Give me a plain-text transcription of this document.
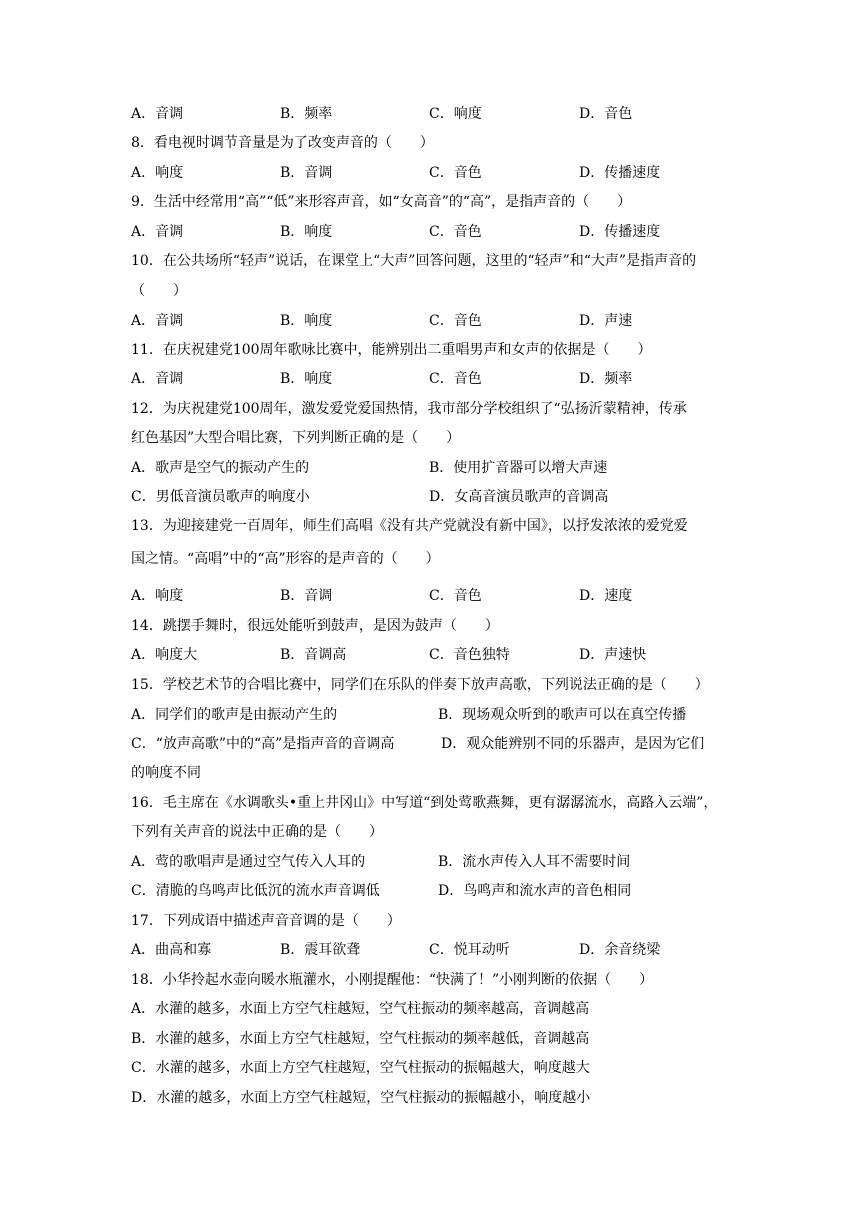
A．音调	B．频率	C．响度	D．音色
8．看电视时调节音量是为了改变声音的（　　）
A．响度	B．音调	C．音色	D．传播速度
9．生活中经常用“高”“低”来形容声音，如“女高音”的“高”，是指声音的（　　）
A．音调	B．响度	C．音色	D．传播速度
10．在公共场所“轻声”说话，在课堂上“大声”回答问题，这里的“轻声”和“大声”是指声音的
（　　）
A．音调	B．响度	C．音色	D．声速
11．在庆祝建党100周年歌咏比赛中，能辨别出二重唱男声和女声的依据是（　　）
A．音调	B．响度	C．音色	D．频率
12．为庆祝建党100周年，激发爱党爱国热情，我市部分学校组织了“弘扬沂蒙精神，传承
红色基因”大型合唱比赛，下列判断正确的是（　　）
A．歌声是空气的振动产生的	B．使用扩音器可以增大声速
C．男低音演员歌声的响度小	D．女高音演员歌声的音调高
13．为迎接建党一百周年，师生们高唱《没有共产党就没有新中国》，以抒发浓浓的爱党爱
国之情。“高唱”中的“高”形容的是声音的（　　）
A．响度	B．音调	C．音色	D．速度
14．跳摆手舞时，很远处能听到鼓声，是因为鼓声（　　）
A．响度大	B．音调高	C．音色独特	D．声速快
15．学校艺术节的合唱比赛中，同学们在乐队的伴奏下放声高歌，下列说法正确的是（　　）
A．同学们的歌声是由振动产生的	B．现场观众听到的歌声可以在真空传播
C．“放声高歌”中的“高”是指声音的音调高	D．观众能辨别不同的乐器声，是因为它们
的响度不同
16．毛主席在《水调歌头•重上井冈山》中写道“到处莺歌燕舞，更有潺潺流水，高路入云端”，
下列有关声音的说法中正确的是（　　）
A．莺的歌唱声是通过空气传入人耳的	B．流水声传入人耳不需要时间
C．清脆的鸟鸣声比低沉的流水声音调低	D．鸟鸣声和流水声的音色相同
17．下列成语中描述声音音调的是（　　）
A．曲高和寡	B．震耳欲聋	C．悦耳动听	D．余音绕梁
18．小华拎起水壶向暖水瓶灌水，小刚提醒他：“快满了！”小刚判断的依据（　　）
A．水灌的越多，水面上方空气柱越短，空气柱振动的频率越高，音调越高
B．水灌的越多，水面上方空气柱越短，空气柱振动的频率越低，音调越高
C．水灌的越多，水面上方空气柱越短，空气柱振动的振幅越大，响度越大
D．水灌的越多，水面上方空气柱越短，空气柱振动的振幅越小，响度越小
